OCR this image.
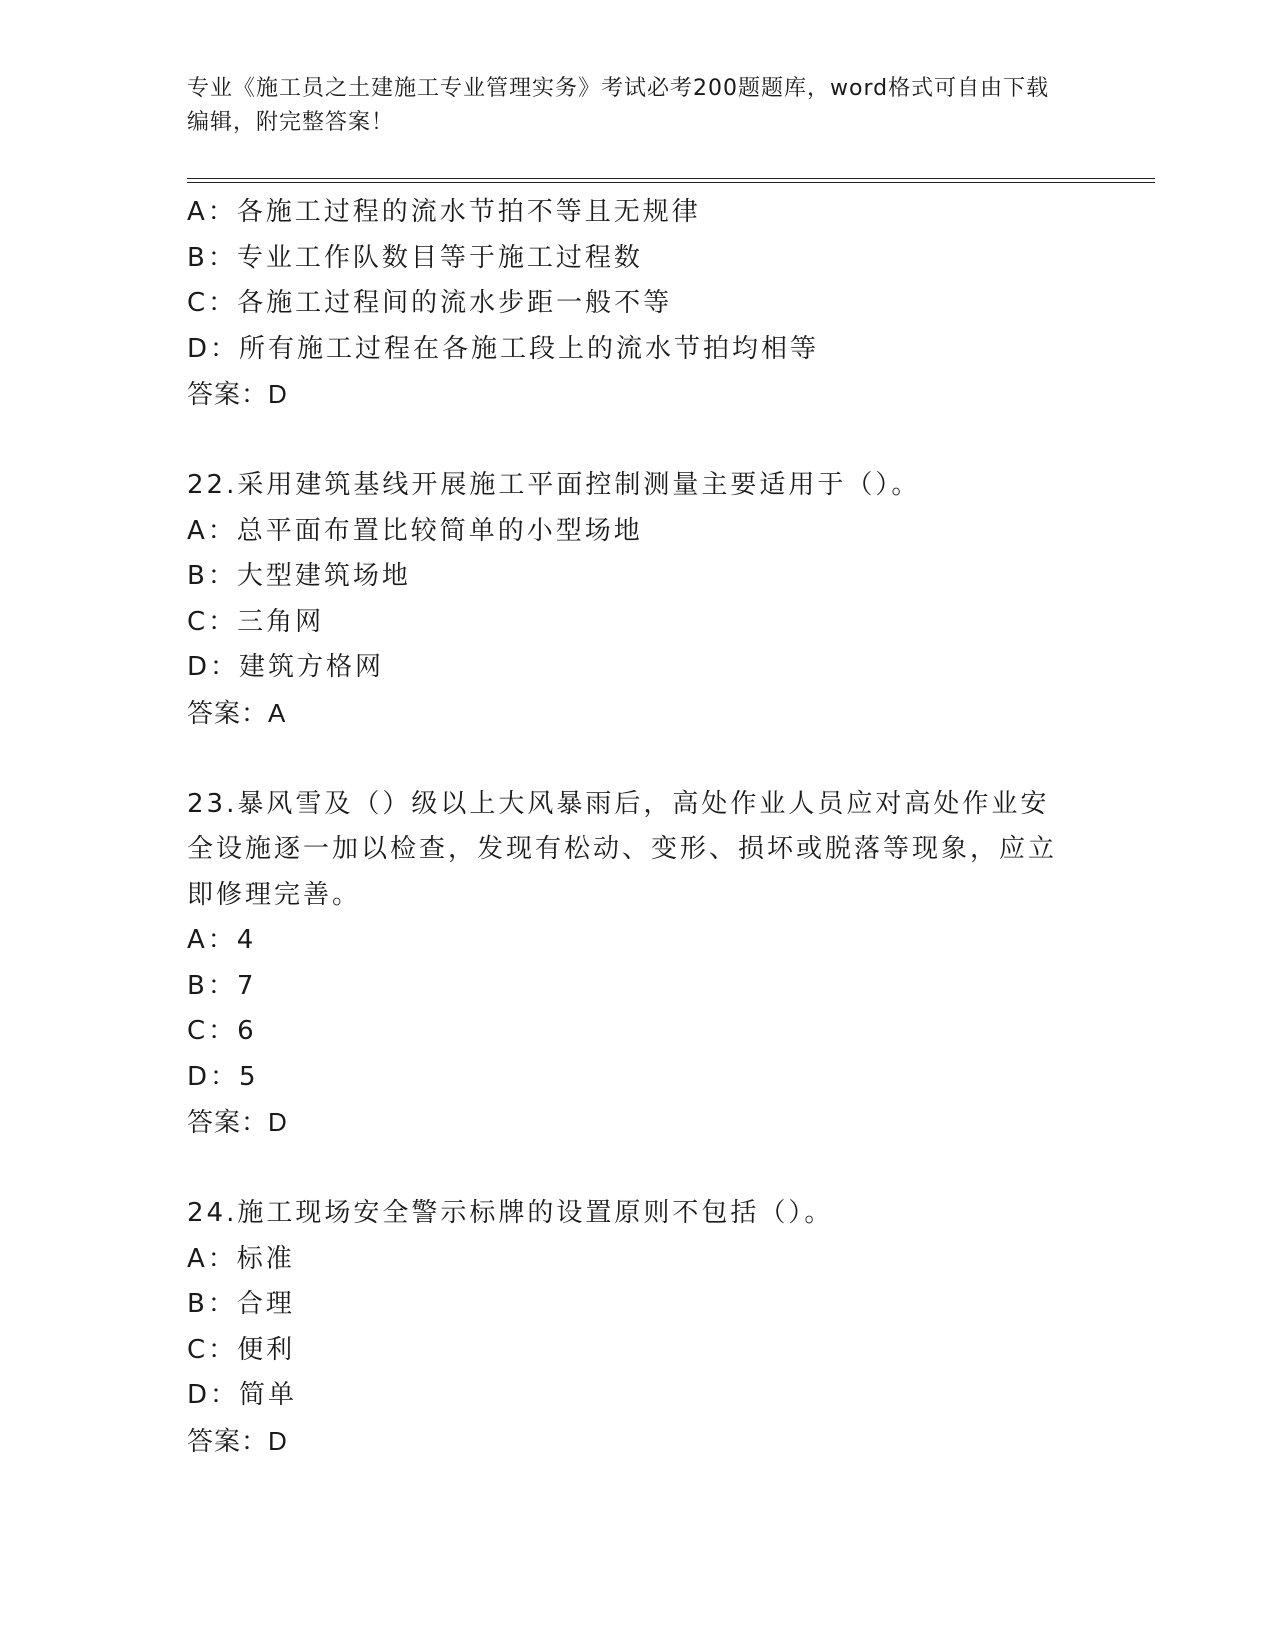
专业《施工员之土建施工专业管理实务》考试必考200题题库，word格式可自由下载编辑，附完整答案！

A：各施工过程的流水节拍不等且无规律

B：专业工作队数目等于施工过程数

C：各施工过程间的流水步距一般不等

D：所有施工过程在各施工段上的流水节拍均相等

答案：D

22.采用建筑基线开展施工平面控制测量主要适用于（）。

A：总平面布置比较简单的小型场地

B：大型建筑场地

C：三角网

D：建筑方格网

答案：A

23.暴风雪及（）级以上大风暴雨后，高处作业人员应对高处作业安全设施逐一加以检查，发现有松动、变形、损坏或脱落等现象，应立即修理完善。

A：4

B：7

C：6

D：5

答案：D

24.施工现场安全警示标牌的设置原则不包括（）。

A：标准

B：合理

C：便利

D：简单

答案：D
